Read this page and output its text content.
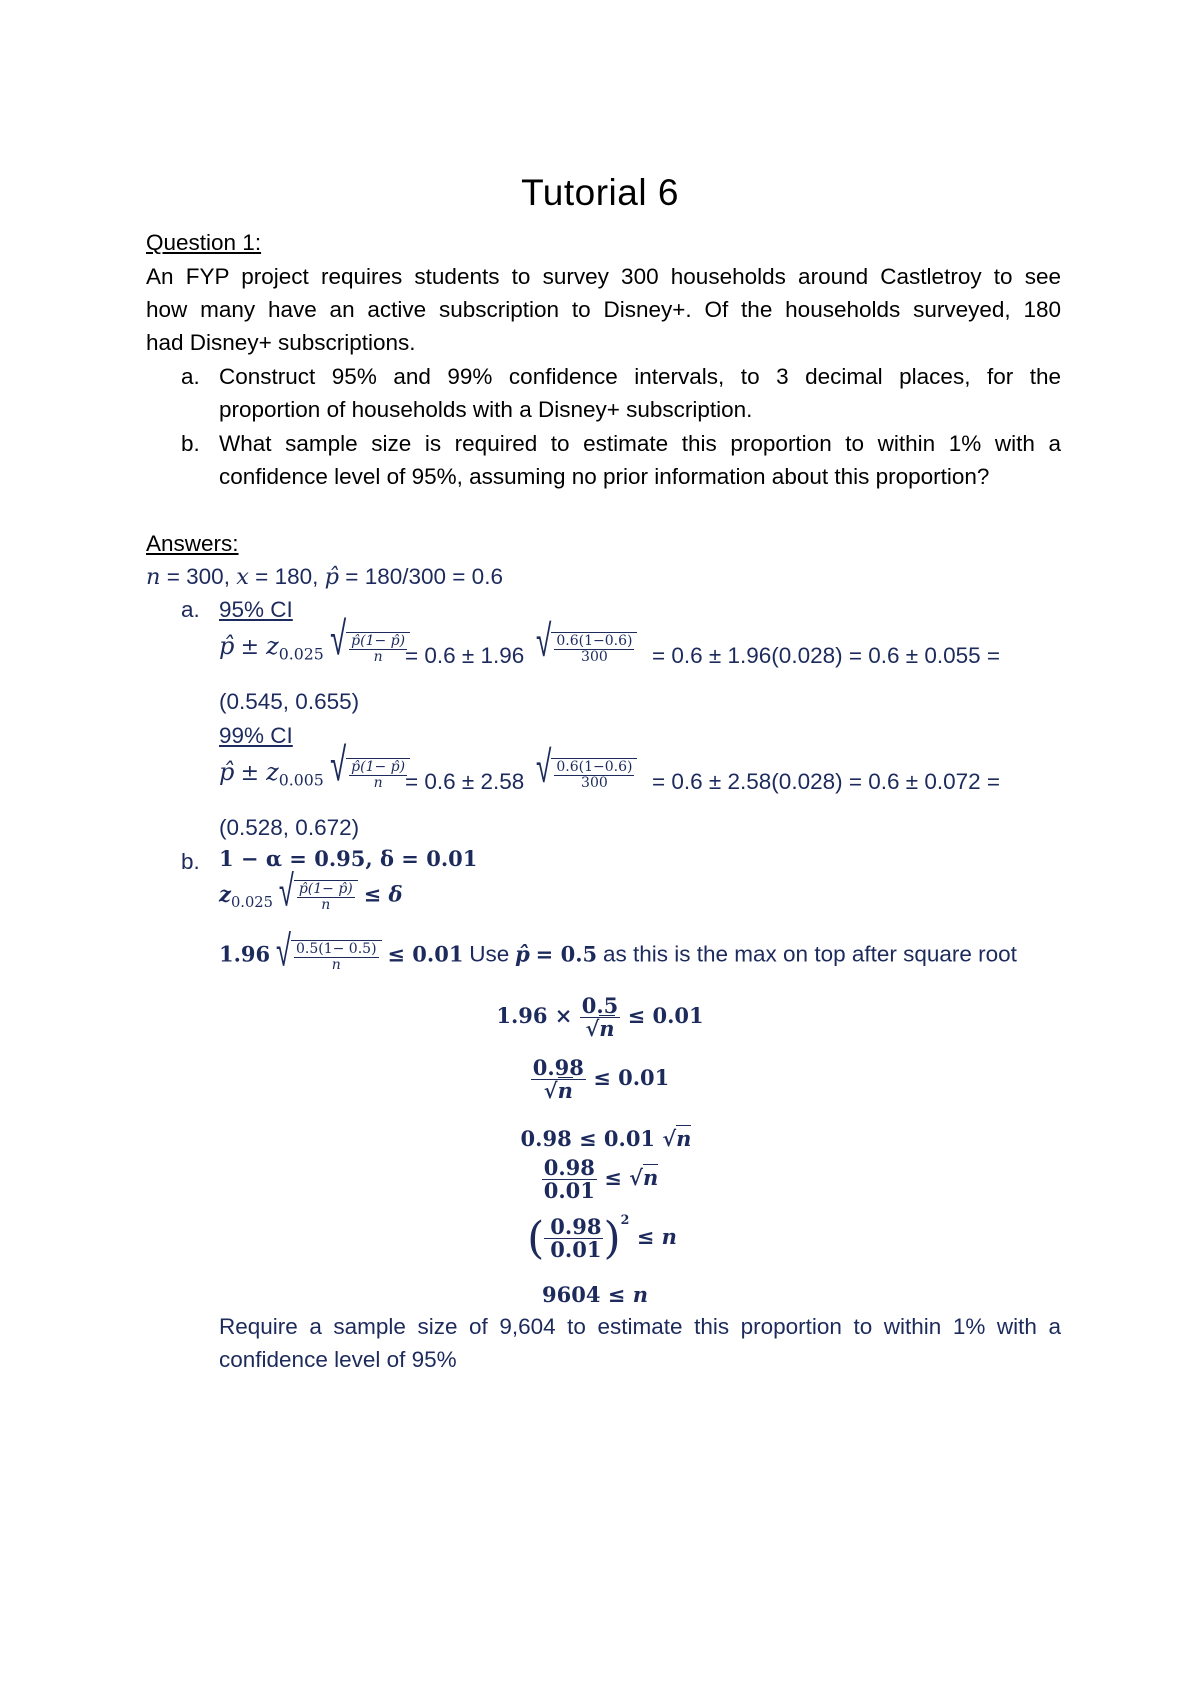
Tutorial 6
Question 1:
An FYP project requires students to survey 300 households around Castletroy to see
how many have an active subscription to Disney+. Of the households surveyed, 180
had Disney+ subscriptions.
a. Construct 95% and 99% confidence intervals, to 3 decimal places, for the
proportion of households with a Disney+ subscription.
b. What sample size is required to estimate this proportion to within 1% with a
confidence level of 95%, assuming no prior information about this proportion?
Answers:
n = 300, x = 180, p̂ = 180/300 = 0.6
a. 95% CI
p̂ ± $z_{0.025}$ √ $\frac{p̂(1- p̂)}{n}$
= 0.6 ± 1.96 √ $\frac{0.6(1-0.6)}{300} = 0.6 \pm 1.96(0.028) = 0.6 \pm 0.055$ =
(0.545, 0.655)
99% CI
p̂ ± $z_{0.005}$ √ $\frac{p̂(1- p̂)}{n}$
= 0.6 ± 2.58 √ $\frac{0.6(1-0.6)}{300} = 0.6 \pm 2.58(0.028) = 0.6 \pm 0.072$ =
(0.528, 0.672)
b. 1 − α = 0.95, δ = 0.01
$z_{0.025}$ √ $\frac{p̂(1- p̂)}{n} \le \delta$
1.96 √ $\frac{0.5(1- 0.5)}{n} \le 0.01$ Use p̂ = 0.5 as this is the max on top after square root
$1.96 \times \frac{0.5}{√n} \le 0.01$
$\frac{0.98}{√n} \le 0.01$
0.98 ≤ 0.01 √n
$\frac{0.98}{0.01} \le √n$
( $\frac{0.98}{0.01} )^2 \le n$
9604 ≤ n
Require a sample size of 9,604 to estimate this proportion to within 1% with a
confidence level of 95%
